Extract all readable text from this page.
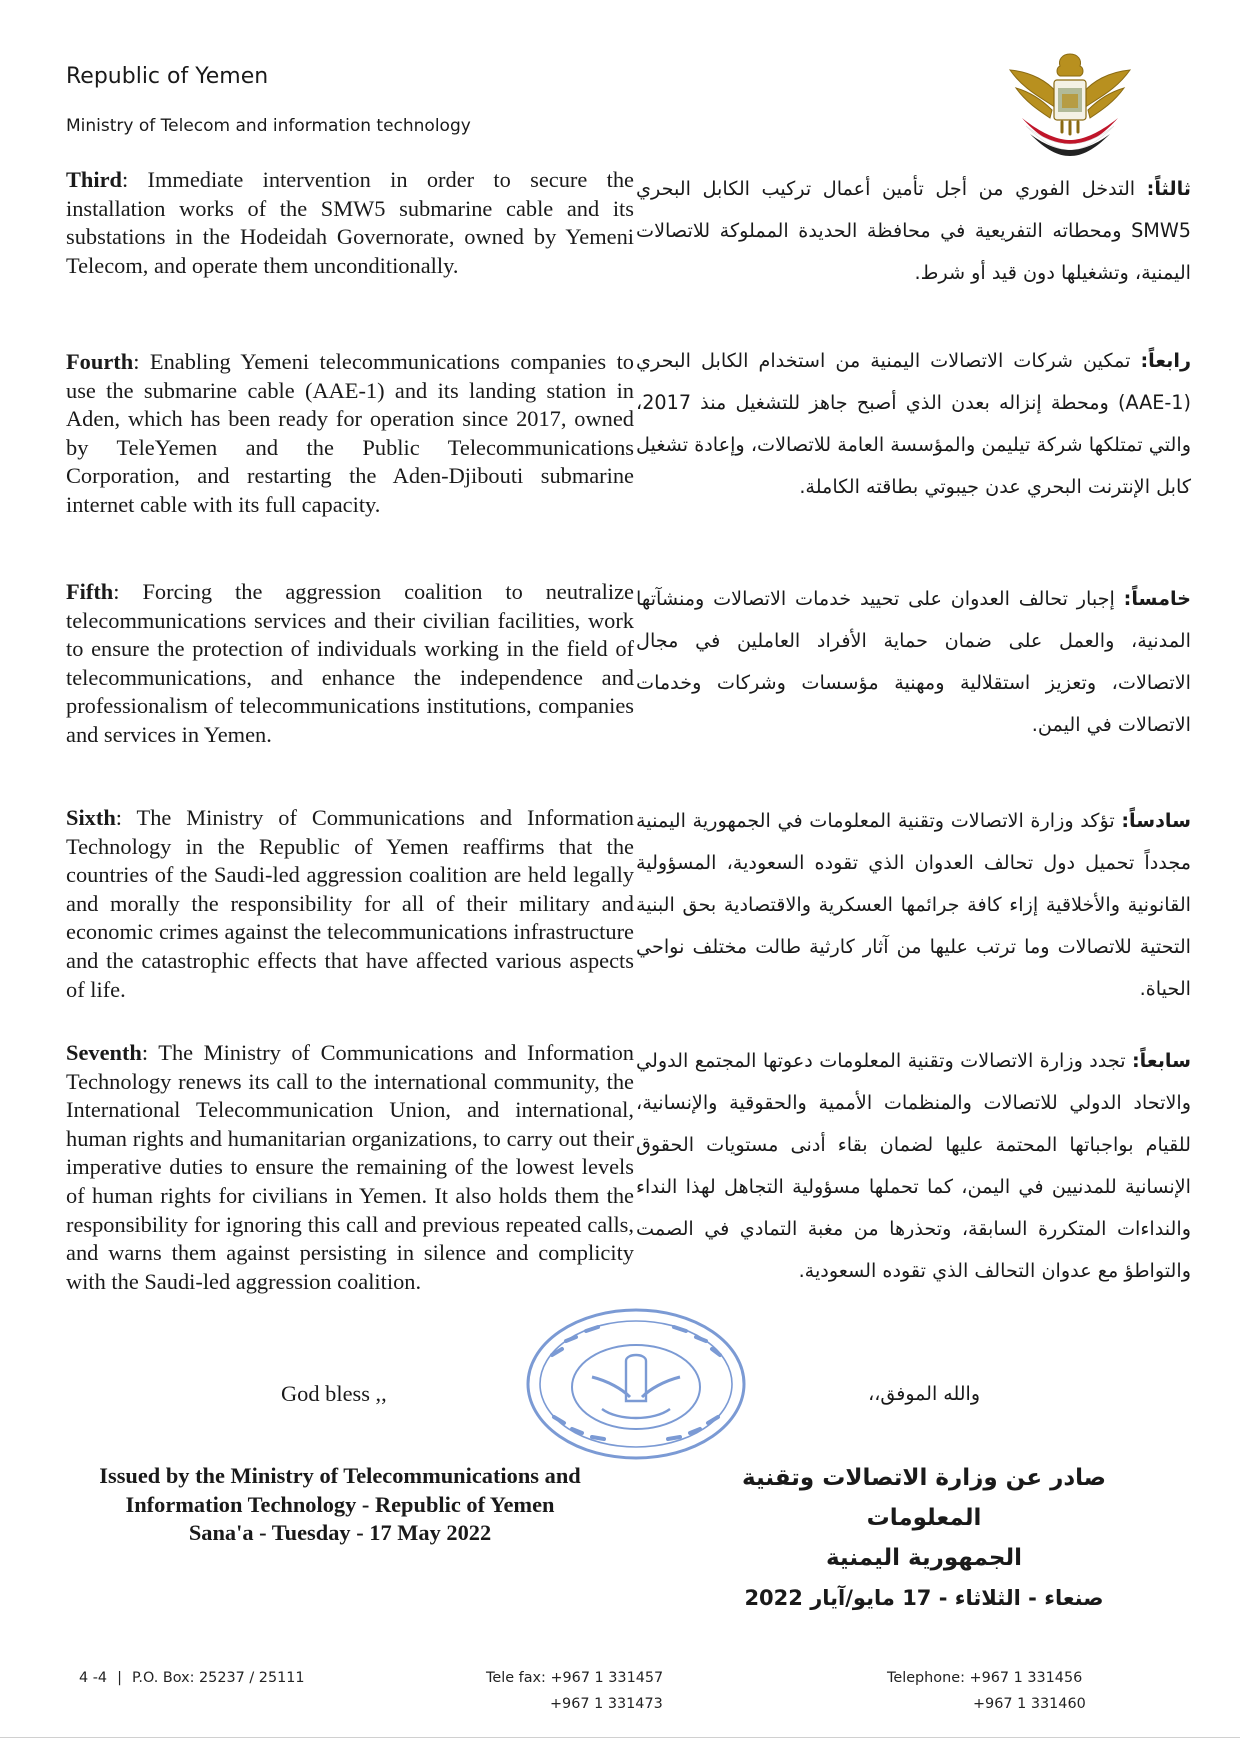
Republic of Yemen
Ministry of Telecom and information technology
Third: Immediate intervention in order to secure the installation works of the SMW5 submarine cable and its substations in the Hodeidah Governorate, owned by Yemeni Telecom, and operate them unconditionally.
ثالثاً: التدخل الفوري من أجل تأمين أعمال تركيب الكابل البحري SMW5 ومحطاته التفريعية في محافظة الحديدة المملوكة للاتصالات اليمنية، وتشغيلها دون قيد أو شرط.
Fourth: Enabling Yemeni telecommunications companies to use the submarine cable (AAE-1) and its landing station in Aden, which has been ready for operation since 2017, owned by TeleYemen and the Public Telecommunications Corporation, and restarting the Aden-Djibouti submarine internet cable with its full capacity.
رابعاً: تمكين شركات الاتصالات اليمنية من استخدام الكابل البحري (AAE-1) ومحطة إنزاله بعدن الذي أصبح جاهز للتشغيل منذ 2017، والتي تمتلكها شركة تيليمن والمؤسسة العامة للاتصالات، وإعادة تشغيل كابل الإنترنت البحري عدن جيبوتي بطاقته الكاملة.
Fifth: Forcing the aggression coalition to neutralize telecommunications services and their civilian facilities, work to ensure the protection of individuals working in the field of telecommunications, and enhance the independence and professionalism of telecommunications institutions, companies and services in Yemen.
خامساً: إجبار تحالف العدوان على تحييد خدمات الاتصالات ومنشآتها المدنية، والعمل على ضمان حماية الأفراد العاملين في مجال الاتصالات، وتعزيز استقلالية ومهنية مؤسسات وشركات وخدمات الاتصالات في اليمن.
Sixth: The Ministry of Communications and Information Technology in the Republic of Yemen reaffirms that the countries of the Saudi-led aggression coalition are held legally and morally the responsibility for all of their military and economic crimes against the telecommunications infrastructure and the catastrophic effects that have affected various aspects of life.
سادساً: تؤكد وزارة الاتصالات وتقنية المعلومات في الجمهورية اليمنية مجدداً تحميل دول تحالف العدوان الذي تقوده السعودية، المسؤولية القانونية والأخلاقية إزاء كافة جرائمها العسكرية والاقتصادية بحق البنية التحتية للاتصالات وما ترتب عليها من آثار كارثية طالت مختلف نواحي الحياة.
Seventh: The Ministry of Communications and Information Technology renews its call to the international community, the International Telecommunication Union, and international, human rights and humanitarian organizations, to carry out their imperative duties to ensure the remaining of the lowest levels of human rights for civilians in Yemen. It also holds them the responsibility for ignoring this call and previous repeated calls, and warns them against persisting in silence and complicity with the Saudi-led aggression coalition.
سابعاً: تجدد وزارة الاتصالات وتقنية المعلومات دعوتها المجتمع الدولي والاتحاد الدولي للاتصالات والمنظمات الأممية والحقوقية والإنسانية، للقيام بواجباتها المحتمة عليها لضمان بقاء أدنى مستويات الحقوق الإنسانية للمدنيين في اليمن، كما تحملها مسؤولية التجاهل لهذا النداء والنداءات المتكررة السابقة، وتحذرها من مغبة التمادي في الصمت والتواطؤ مع عدوان التحالف الذي تقوده السعودية.
God bless ,,	والله الموفق،،
Issued by the Ministry of Telecommunications and
Information Technology - Republic of Yemen
Sana'a - Tuesday - 17 May 2022
صادر عن وزارة الاتصالات وتقنية المعلومات
الجمهورية اليمنية
صنعاء - الثلاثاء - 17 مايو/آيار 2022
4 -4 | P.O. Box: 25237 / 25111	Tele fax: +967 1 331457
+967 1 331473
Telephone: +967 1 331456
+967 1 331460
